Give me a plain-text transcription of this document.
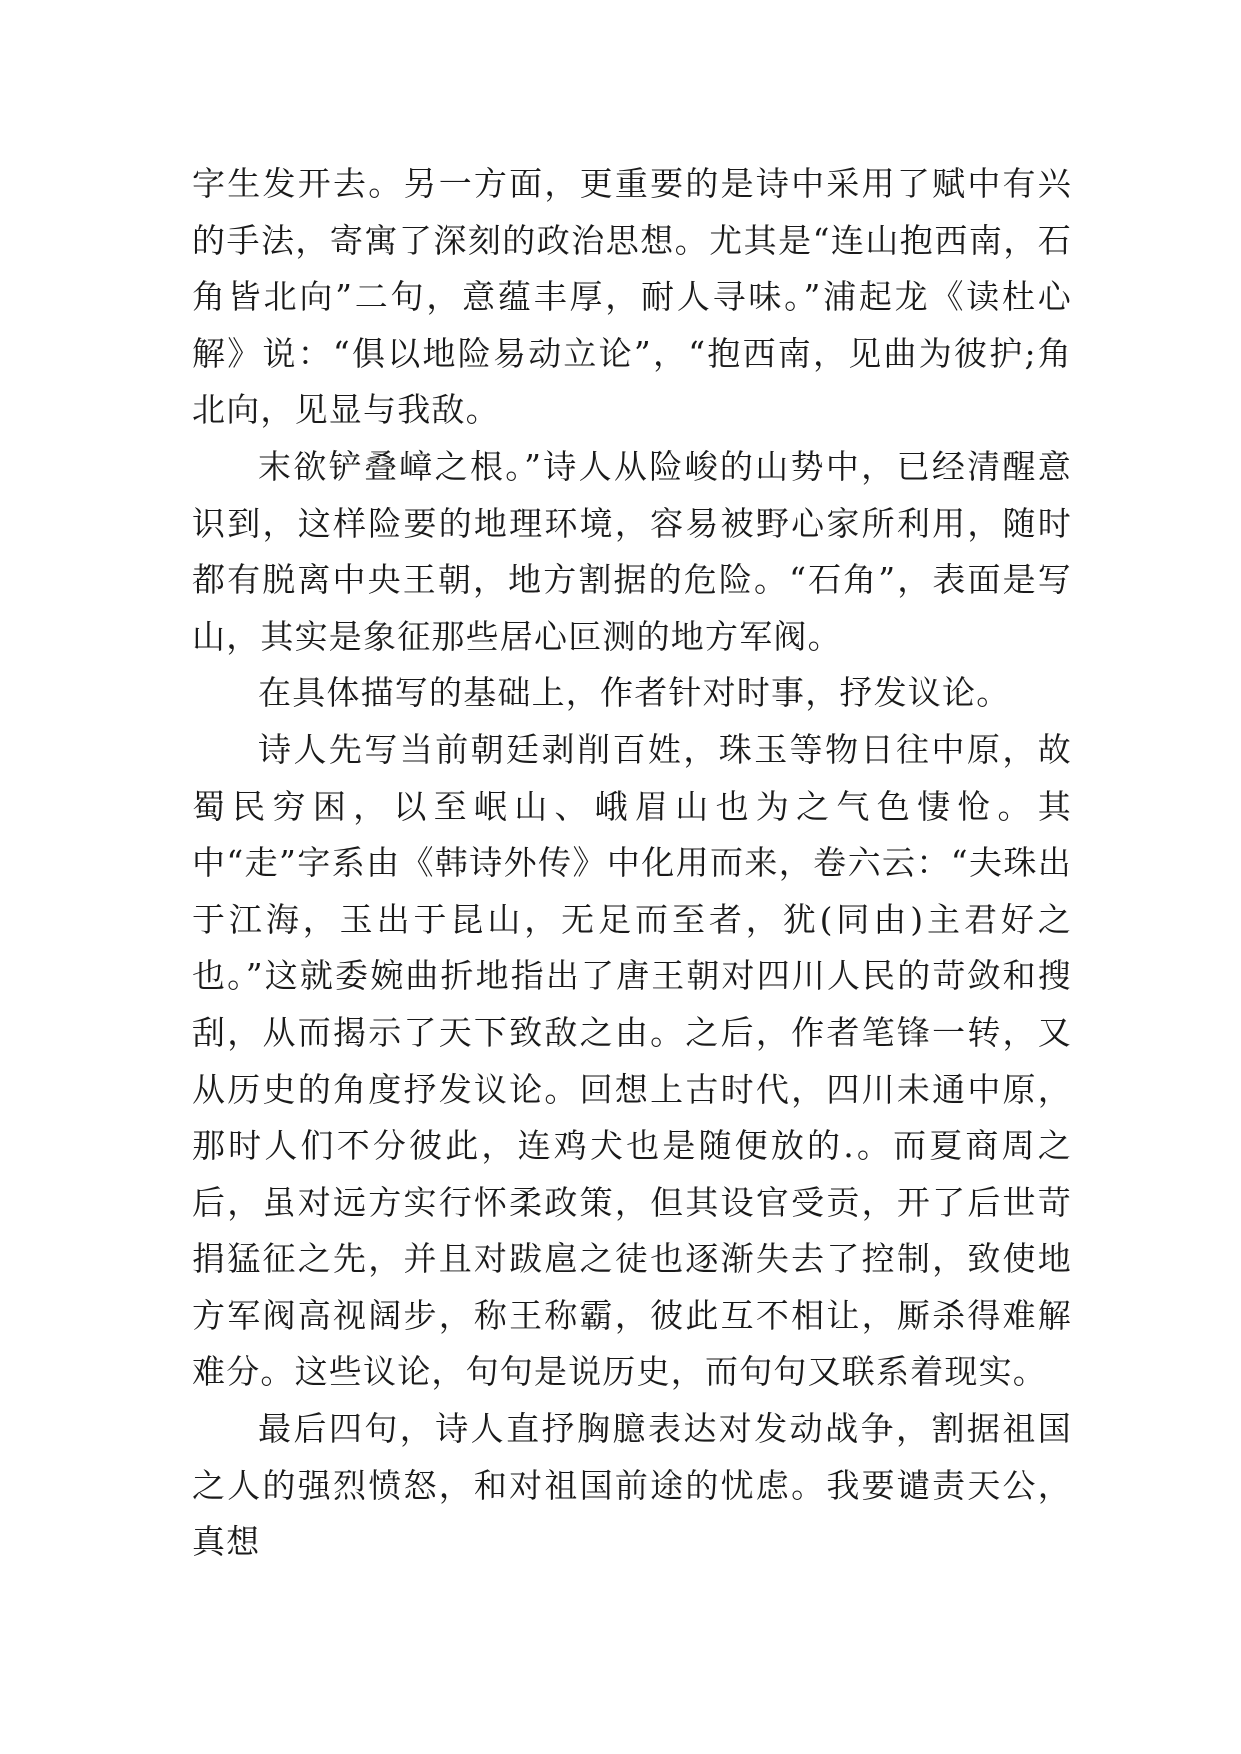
字生发开去。另一方面，更重要的是诗中采用了赋中有兴的手法，寄寓了深刻的政治思想。尤其是“连山抱西南，石角皆北向”二句，意蕴丰厚，耐人寻味。”浦起龙《读杜心解》说：“俱以地险易动立论”，“抱西南，见曲为彼护;角北向，见显与我敌。

末欲铲叠嶂之根。”诗人从险峻的山势中，已经清醒意识到，这样险要的地理环境，容易被野心家所利用，随时都有脱离中央王朝，地方割据的危险。“石角”，表面是写山，其实是象征那些居心叵测的地方军阀。

在具体描写的基础上，作者针对时事，抒发议论。

诗人先写当前朝廷剥削百姓，珠玉等物日往中原，故蜀民穷困，以至岷山、峨眉山也为之气色悽怆。其中“走”字系由《韩诗外传》中化用而来，卷六云：“夫珠出于江海，玉出于昆山，无足而至者，犹(同由)主君好之也。”这就委婉曲折地指出了唐王朝对四川人民的苛敛和搜刮，从而揭示了天下致敌之由。之后，作者笔锋一转，又从历史的角度抒发议论。回想上古时代，四川未通中原，那时人们不分彼此，连鸡犬也是随便放的.。而夏商周之后，虽对远方实行怀柔政策，但其设官受贡，开了后世苛捐猛征之先，并且对跋扈之徒也逐渐失去了控制，致使地方军阀高视阔步，称王称霸，彼此互不相让，厮杀得难解难分。这些议论，句句是说历史，而句句又联系着现实。

最后四句，诗人直抒胸臆表达对发动战争，割据祖国之人的强烈愤怒，和对祖国前途的忧虑。我要谴责天公，真想
